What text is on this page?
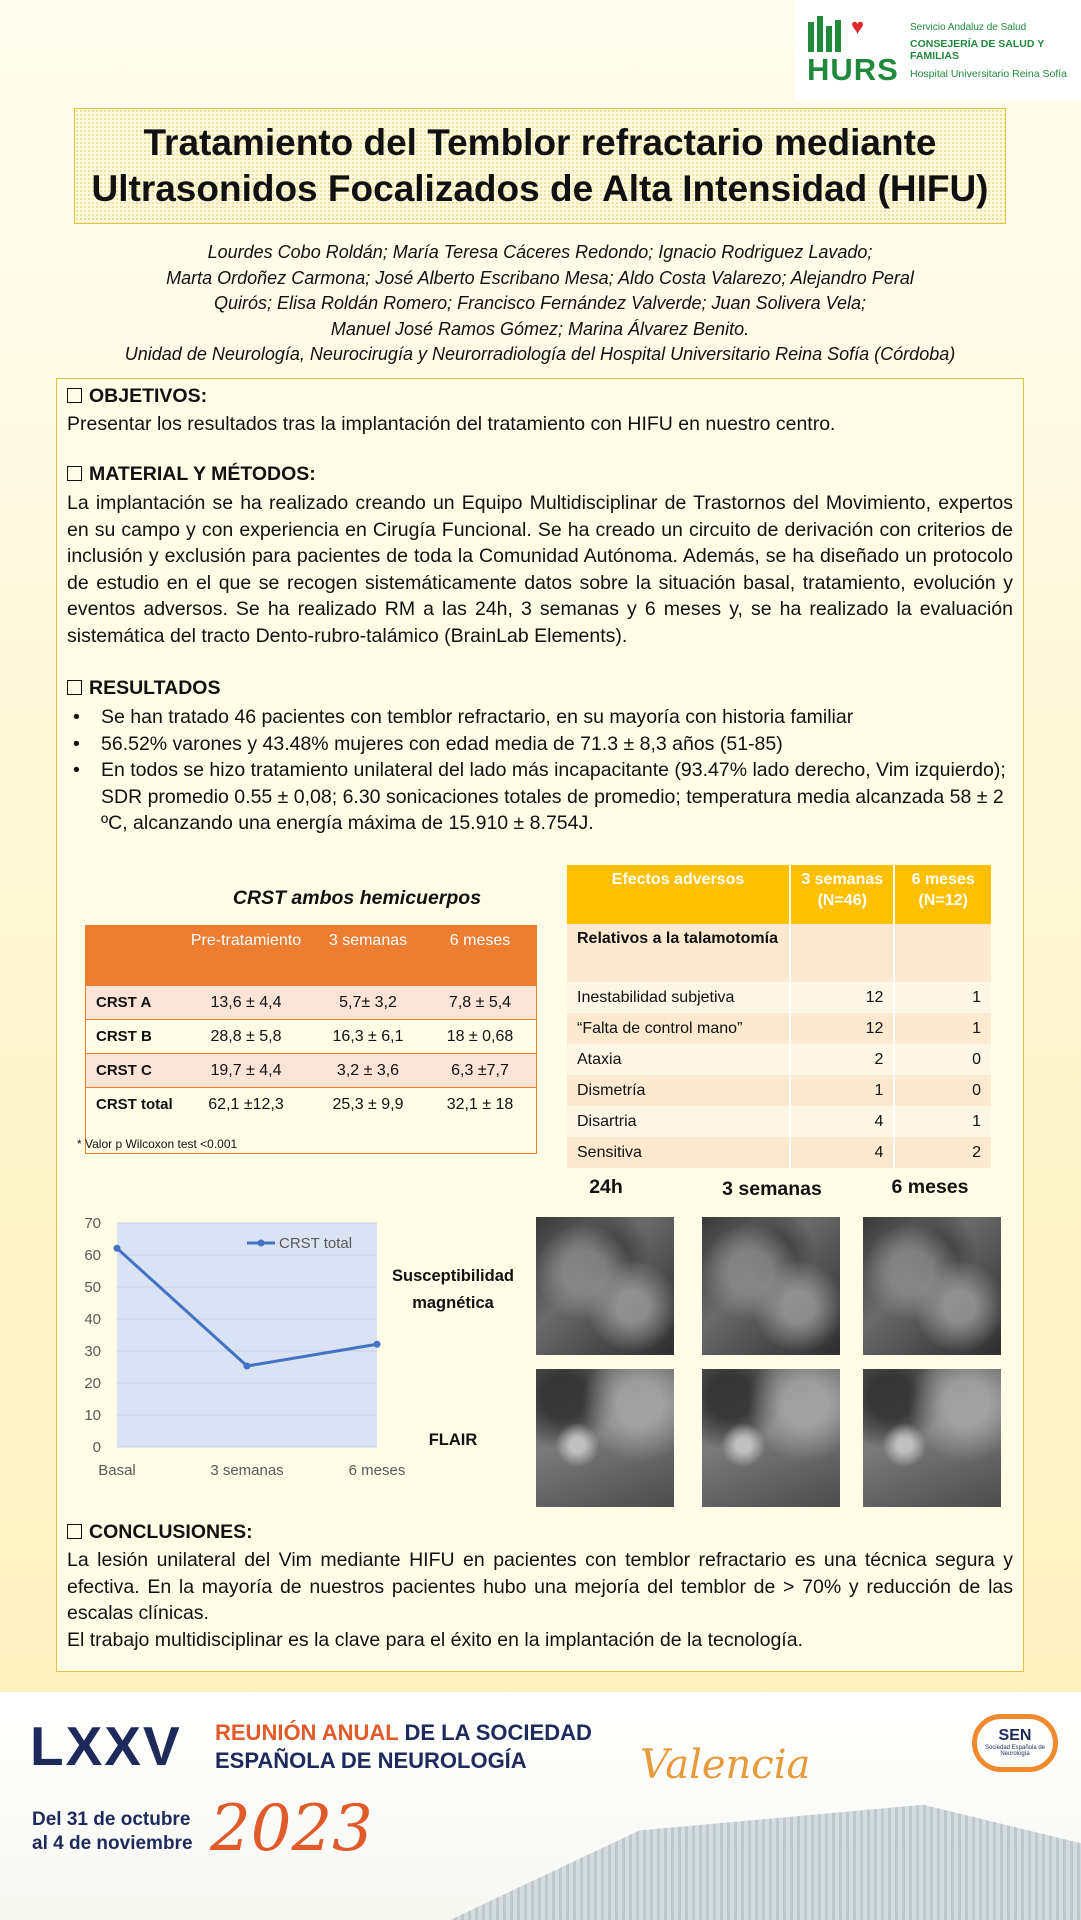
♥
HURS
Servicio Andaluz de Salud
CONSEJERÍA DE SALUD Y FAMILIAS
Hospital Universitario Reina Sofía
Tratamiento del Temblor refractario mediante
Ultrasonidos Focalizados de Alta Intensidad (HIFU)
Lourdes Cobo Roldán; María Teresa Cáceres Redondo; Ignacio Rodriguez Lavado;
Marta Ordoñez Carmona; José Alberto Escribano Mesa; Aldo Costa Valarezo; Alejandro Peral
Quirós; Elisa Roldán Romero; Francisco Fernández Valverde; Juan Solivera Vela;
Manuel José Ramos Gómez; Marina Álvarez Benito.
Unidad de Neurología, Neurocirugía y Neurorradiología del Hospital Universitario Reina Sofía (Córdoba)
OBJETIVOS:
Presentar los resultados tras la implantación del tratamiento con HIFU en nuestro centro.
MATERIAL Y MÉTODOS:
La implantación se ha realizado creando un Equipo Multidisciplinar de Trastornos del Movimiento, expertos en su campo y con experiencia en Cirugía Funcional. Se ha creado un circuito de derivación con criterios de inclusión y exclusión para pacientes de toda la Comunidad Autónoma. Además, se ha diseñado un protocolo de estudio en el que se recogen sistemáticamente datos sobre la situación basal, tratamiento, evolución y eventos adversos. Se ha realizado RM a las 24h, 3 semanas y 6 meses y, se ha realizado la evaluación sistemática del tracto Dento-rubro-talámico (BrainLab Elements).
RESULTADOS
• Se han tratado 46 pacientes con temblor refractario, en su mayoría con historia familiar
• 56.52% varones y 43.48% mujeres con edad media de 71.3 ± 8,3 años (51-85)
• En todos se hizo tratamiento unilateral del lado más incapacitante (93.47% lado derecho, Vim izquierdo); SDR promedio 0.55 ± 0,08; 6.30 sonicaciones totales de promedio; temperatura media alcanzada 58 ± 2 ºC, alcanzando una energía máxima de 15.910 ± 8.754J.
CRST ambos hemicuerpos
	Pre-tratamiento	3 semanas	6 meses
CRST A	13,6 ± 4,4	5,7± 3,2	7,8 ± 5,4
CRST B	28,8 ± 5,8	16,3 ± 6,1	18 ± 0,68
CRST C	19,7 ± 4,4	3,2 ± 3,6	6,3 ±7,7
CRST total	62,1 ±12,3	25,3 ± 9,9	32,1 ± 18
* Valor p Wilcoxon test <0.001
Efectos adversos	3 semanas (N=46)	6 meses (N=12)
Relativos a la talamotomía		
Inestabilidad subjetiva	12	1
“Falta de control mano”	12	1
Ataxia	2	0
Dismetría	1	0
Disartria	4	1
Sensitiva	4	2
0
10
20
30
40
50
60
70
Basal	3 semanas	6 meses
CRST total
24h	3 semanas	6 meses
Susceptibilidad
magnética
FLAIR
CONCLUSIONES:
La lesión unilateral del Vim mediante HIFU en pacientes con temblor refractario es una técnica segura y efectiva. En la mayoría de nuestros pacientes hubo una mejoría del temblor de > 70% y reducción de las escalas clínicas.
El trabajo multidisciplinar es la clave para el éxito en la implantación de la tecnología.
LXXV REUNIÓN ANUAL DE LA SOCIEDAD
ESPAÑOLA DE NEUROLOGÍA	Valencia
Del 31 de octubre
al 4 de noviembre 2023
SEN
Sociedad Española de Neurología
